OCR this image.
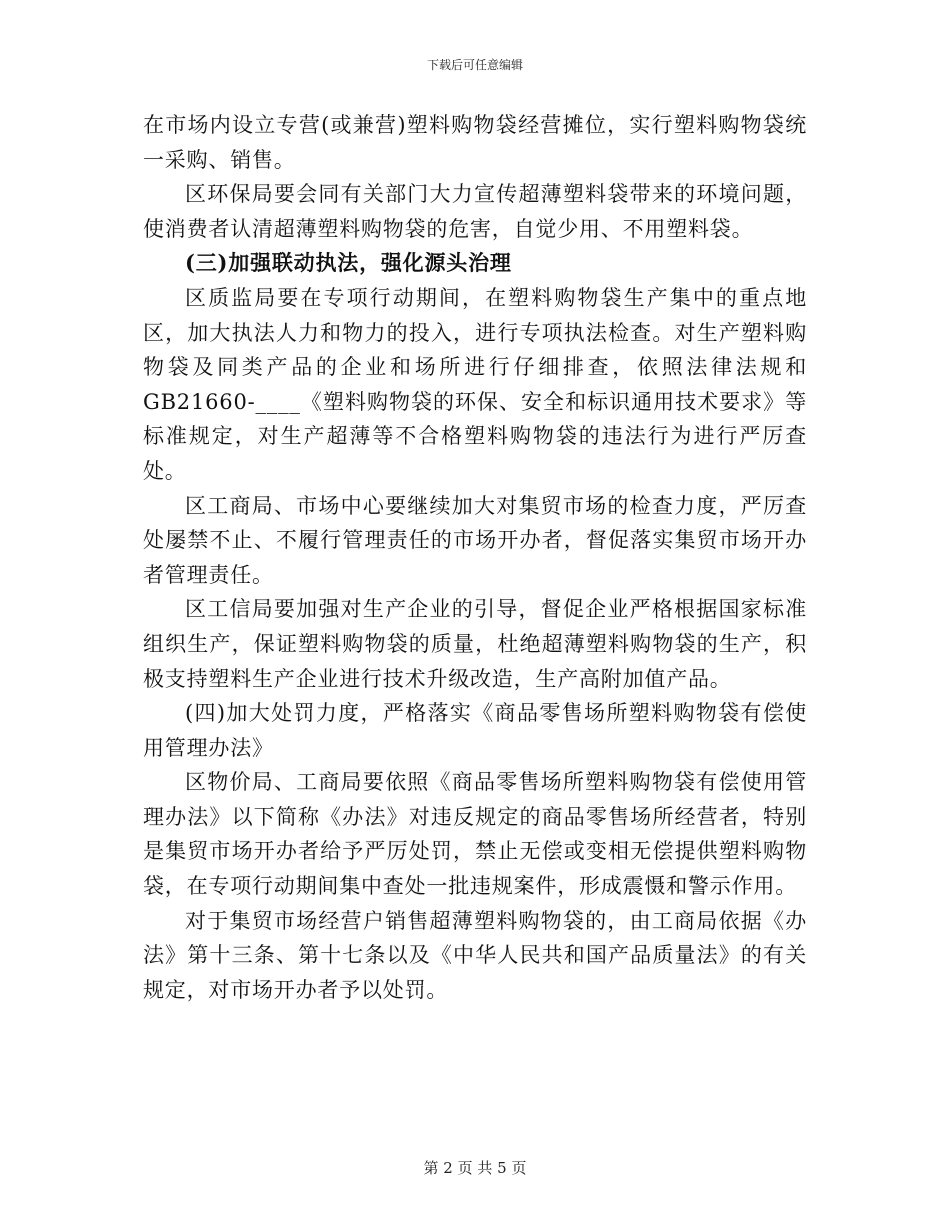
下载后可任意编辑

在市场内设立专营(或兼营)塑料购物袋经营摊位，实行塑料购物袋统一采购、销售。

区环保局要会同有关部门大力宣传超薄塑料袋带来的环境问题，使消费者认清超薄塑料购物袋的危害，自觉少用、不用塑料袋。

(三)加强联动执法，强化源头治理

区质监局要在专项行动期间，在塑料购物袋生产集中的重点地区，加大执法人力和物力的投入，进行专项执法检查。对生产塑料购物袋及同类产品的企业和场所进行仔细排查，依照法律法规和GB21660-____《塑料购物袋的环保、安全和标识通用技术要求》等标准规定，对生产超薄等不合格塑料购物袋的违法行为进行严厉查处。

区工商局、市场中心要继续加大对集贸市场的检查力度，严厉查处屡禁不止、不履行管理责任的市场开办者，督促落实集贸市场开办者管理责任。

区工信局要加强对生产企业的引导，督促企业严格根据国家标准组织生产，保证塑料购物袋的质量，杜绝超薄塑料购物袋的生产，积极支持塑料生产企业进行技术升级改造，生产高附加值产品。

(四)加大处罚力度，严格落实《商品零售场所塑料购物袋有偿使用管理办法》

区物价局、工商局要依照《商品零售场所塑料购物袋有偿使用管理办法》以下简称《办法》对违反规定的商品零售场所经营者，特别是集贸市场开办者给予严厉处罚，禁止无偿或变相无偿提供塑料购物袋，在专项行动期间集中查处一批违规案件，形成震慑和警示作用。

对于集贸市场经营户销售超薄塑料购物袋的，由工商局依据《办法》第十三条、第十七条以及《中华人民共和国产品质量法》的有关规定，对市场开办者予以处罚。

第 2 页 共 5 页
